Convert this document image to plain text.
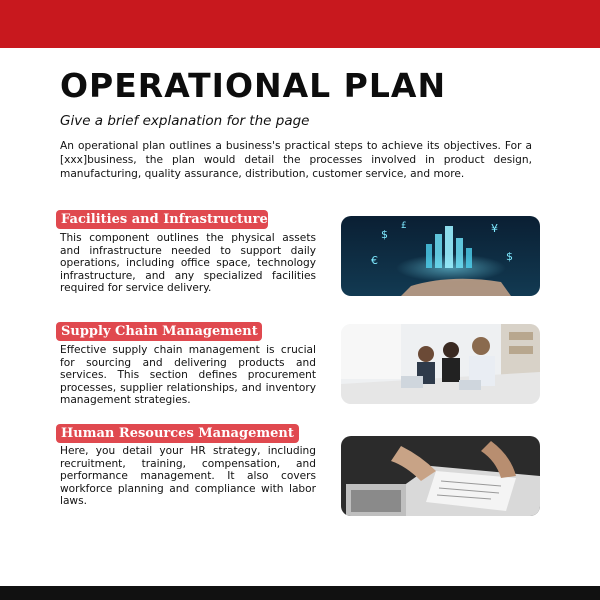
OPERATIONAL PLAN

Give a brief explanation for the page

An operational plan outlines a business's practical steps to achieve its objectives. For a [xxx]business, the plan would detail the processes involved in product design, manufacturing, quality assurance, distribution, customer service, and more.

Facilities and Infrastructure

This component outlines the physical assets and infrastructure needed to support daily operations, including office space, technology infrastructure, and any specialized facilities required for service delivery.

$	¥
€	$
£
Supply Chain Management

Effective supply chain management is crucial for sourcing and delivering products and services. This section defines procurement processes, supplier relationships, and inventory management strategies.

Human Resources Management

Here, you detail your HR strategy, including recruitment, training, compensation, and performance management. It also covers workforce planning and compliance with labor laws.
